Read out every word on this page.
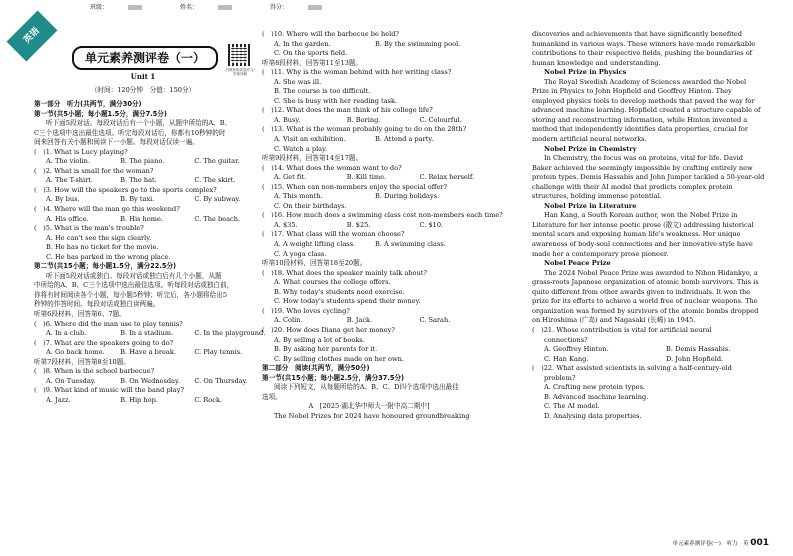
班级：	姓名：	得分：
英语
单元素养测评卷（一）
扫码获取试卷听力/答案详解
Unit 1
（时间：120分钟　分值：150分）

第一部分　听力(共两节，满分30分)

第一节(共5小题；每小题1.5分，满分7.5分)

听下面5段对话。每段对话后有一个小题，从题中所给的A、B、

C三个选项中选出最佳选项。听完每段对话后，你都有10秒钟的时

间来回答有关小题和阅读下一小题。每段对话仅读一遍。

(　)1. What is Lucy playing?

A. The violin.	B. The piano.	C. The guitar.

(　)2. What is small for the woman?

A. The T-shirt.	B. The hat.	C. The skirt.

(　)3. How will the speakers go to the sports complex?

A. By bus.	B. By taxi.	C. By subway.

(　)4. Where will the man go this weekend?

A. His office.	B. His home.	C. The beach.

(　)5. What is the man's trouble?

A. He can't see the sign clearly.

B. He has no ticket for the movie.

C. He has parked in the wrong place.

第二节(共15小题；每小题1.5分，满分22.5分)

听下面5段对话或独白。每段对话或独白后有几个小题，从题

中所给的A、B、C三个选项中选出最佳选项。听每段对话或独白前，

你将有时间阅读各个小题，每小题5秒钟；听完后，各小题将给出5

秒钟的作答时间。每段对话或独白读两遍。

听第6段材料，回答第6、7题。

(　)6. Where did the man use to play tennis?

A. In a club.	B. In a stadium.	C. In the playground.

(　)7. What are the speakers going to do?

A. Go back home. B. Have a break.	C. Play tennis.

听第7段材料，回答第8至10题。

(　)8. When is the school barbecue?

A. On Tuesday.	B. On Wednesday. C. On Thursday.

(　)9. What kind of music will the band play?

A. Jazz.	B. Hip hop.	C. Rock.

(　)10. Where will the barbecue be held?

A. In the garden.	B. By the swimming pool.

C. On the sports field.

听第8段材料，回答第11至13题。

(　)11. Why is the woman behind with her writing class?

A. She was ill.

B. The course is too difficult.

C. She is busy with her reading task.

(　)12. What does the man think of his college life?

A. Busy.	B. Boring.	C. Colourful.

(　)13. What is the woman probably going to do on the 28th?

A. Visit an exhibition.	B. Attend a party.

C. Watch a play.

听第9段材料，回答第14至17题。

(　)14. What does the woman want to do?

A. Get fit.	B. Kill time.	C. Relax herself.

(　)15. When can non-members enjoy the special offer?

A. This month.	B. During holidays.

C. On their birthdays.

(　)16. How much does a swimming class cost non-members each time?

A. $35.	B. $25.	C. $10.

(　)17. What class will the woman choose?

A. A weight lifting class.	B. A swimming class.

C. A yoga class.

听第10段材料，回答第18至20题。

(　)18. What does the speaker mainly talk about?

A. What courses the college offers.

B. Why today's students need exercise.

C. How today's students spend their money.

(　)19. Who loves cycling?

A. Colin.	B. Jack.	C. Sarah.

(　)20. How does Diana get her money?

A. By selling a lot of books.

B. By asking her parents for it.

C. By selling clothes made on her own.

第二部分　阅读(共两节，满分50分)

第一节(共15小题；每小题2.5分，满分37.5分)

阅读下列短文，从每题所给的A、B、C、D四个选项中选出最佳

选项。

A　[2025·湖北华中师大一附中高二期中]

The Nobel Prizes for 2024 have honoured groundbreaking

discoveries and achievements that have significantly benefited

humankind in various ways. These winners have made remarkable

contributions to their respective fields, pushing the boundaries of

human knowledge and understanding.

Nobel Prize in Physics

The Royal Swedish Academy of Sciences awarded the Nobel

Prize in Physics to John Hopfield and Geoffrey Hinton. They

employed physics tools to develop methods that paved the way for

advanced machine learning. Hopfield created a structure capable of

storing and reconstructing information, while Hinton invented a

method that independently identifies data properties, crucial for

modern artificial neural networks.

Nobel Prize in Chemistry

In Chemistry, the focus was on proteins, vital for life. David

Baker achieved the seemingly impossible by crafting entirely new

protein types. Demis Hassabis and John Jumper tackled a 50-year-old

challenge with their AI model that predicts complex protein

structures, holding immense potential.

Nobel Prize in Literature

Han Kang, a South Korean author, won the Nobel Prize in

Literature for her intense poetic prose (散文) addressing historical

mental scars and exposing human life's weakness. Her unique

awareness of body-soul connections and her innovative style have

made her a contemporary prose pioneer.

Nobel Peace Prize

The 2024 Nobel Peace Prize was awarded to Nihon Hidankyo, a

grass-roots Japanese organization of atomic bomb survivors. This is

quite different from other awards given to individuals. It won the

prize for its efforts to achieve a world free of nuclear weapons. The

organization was formed by survivors of the atomic bombs dropped

on Hiroshima (广岛) and Nagasaki (长崎) in 1945.

(　)21. Whose contribution is vital for artificial neural

connections?

A. Geoffrey Hinton.	B. Demis Hassabis.

C. Han Kang.	D. John Hopfield.

(　)22. What assisted scientists in solving a half-century-old

problem?

A. Crafting new protein types.

B. Advanced machine learning.

C. The AI model.

D. Analysing data properties.

单元素养测评卷(一)　听力　英 001
